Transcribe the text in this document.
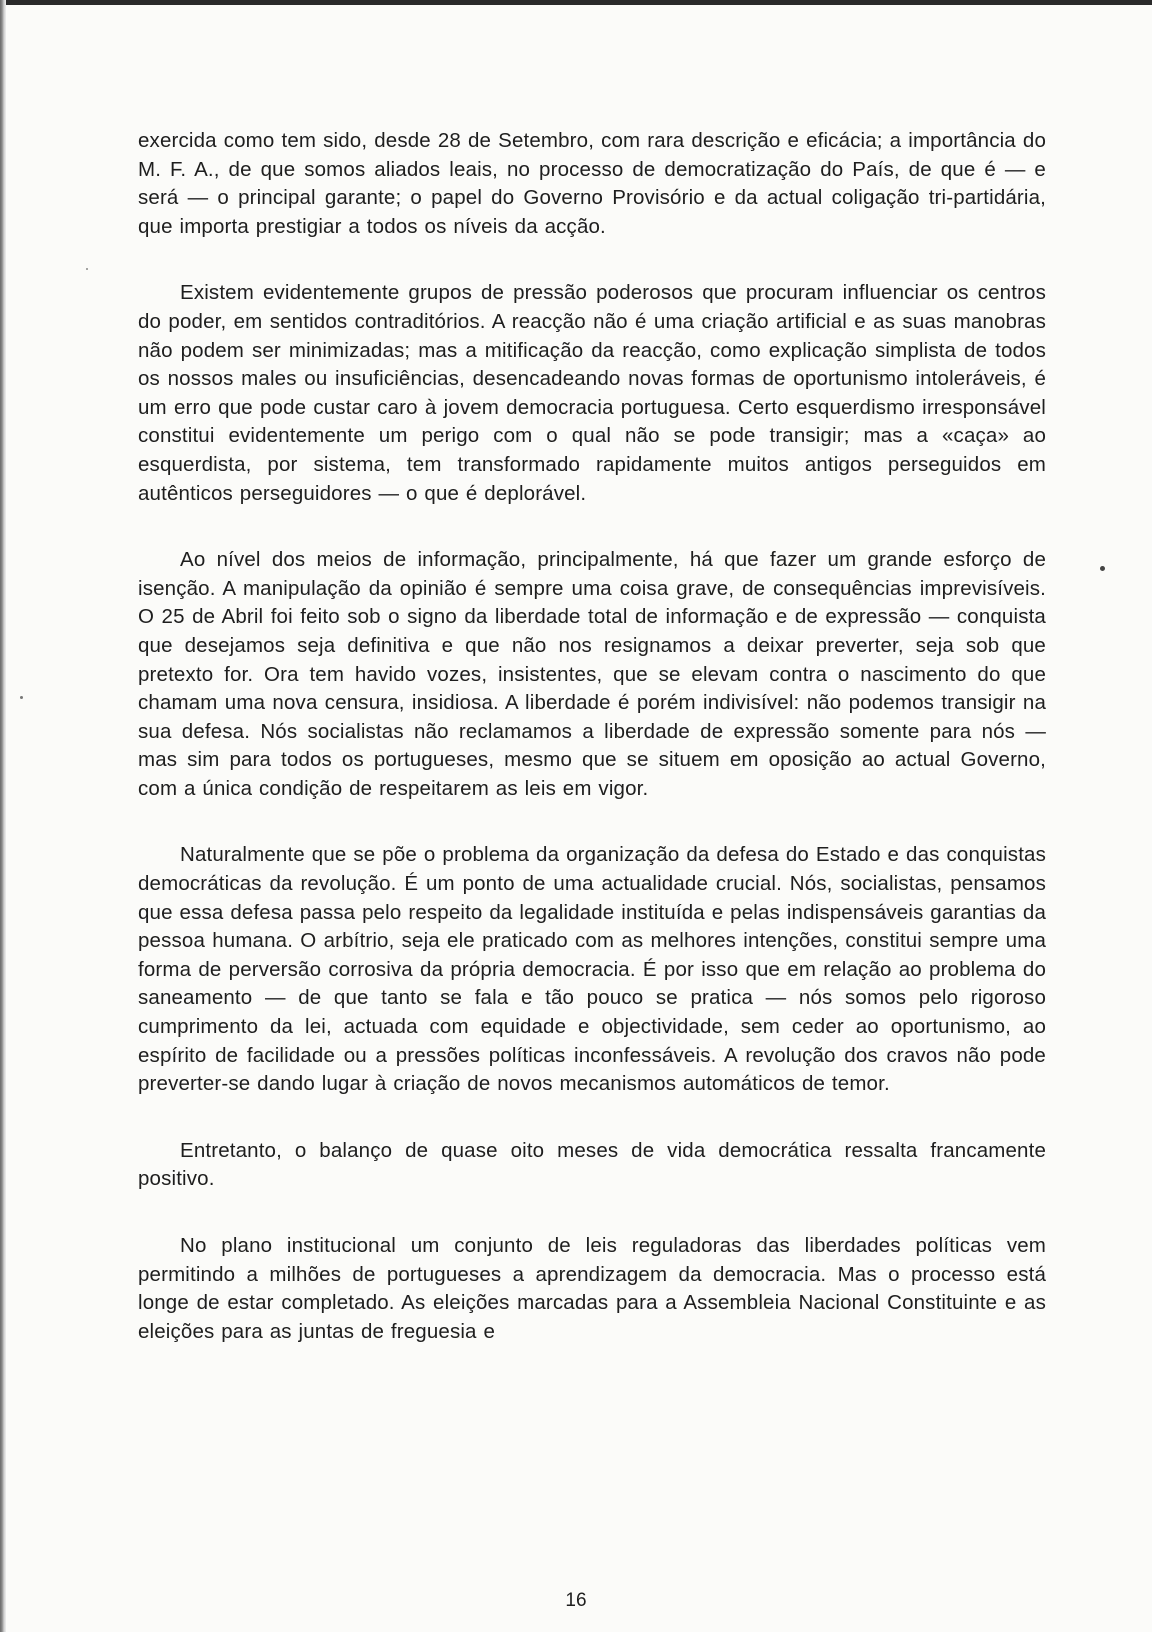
exercida como tem sido, desde 28 de Setembro, com rara descrição e eficácia; a importância do M. F. A., de que somos aliados leais, no processo de democratização do País, de que é — e será — o principal garante; o papel do Governo Provisório e da actual coligação tri-partidária, que importa prestigiar a todos os níveis da acção.

Existem evidentemente grupos de pressão poderosos que procuram influenciar os centros do poder, em sentidos contraditórios. A reacção não é uma criação artificial e as suas manobras não podem ser minimizadas; mas a mitificação da reacção, como explicação simplista de todos os nossos males ou insuficiências, desencadeando novas formas de oportunismo intoleráveis, é um erro que pode custar caro à jovem democracia portuguesa. Certo esquerdismo irresponsável constitui evidentemente um perigo com o qual não se pode transigir; mas a «caça» ao esquerdista, por sistema, tem transformado rapidamente muitos antigos perseguidos em autênticos perseguidores — o que é deplorável.

Ao nível dos meios de informação, principalmente, há que fazer um grande esforço de isenção. A manipulação da opinião é sempre uma coisa grave, de consequências imprevisíveis. O 25 de Abril foi feito sob o signo da liberdade total de informação e de expressão — conquista que desejamos seja definitiva e que não nos resignamos a deixar preverter, seja sob que pretexto for. Ora tem havido vozes, insistentes, que se elevam contra o nascimento do que chamam uma nova censura, insidiosa. A liberdade é porém indivisível: não podemos transigir na sua defesa. Nós socialistas não reclamamos a liberdade de expressão somente para nós — mas sim para todos os portugueses, mesmo que se situem em oposição ao actual Governo, com a única condição de respeitarem as leis em vigor.

Naturalmente que se põe o problema da organização da defesa do Estado e das conquistas democráticas da revolução. É um ponto de uma actualidade crucial. Nós, socialistas, pensamos que essa defesa passa pelo respeito da legalidade instituída e pelas indispensáveis garantias da pessoa humana. O arbítrio, seja ele praticado com as melhores intenções, constitui sempre uma forma de perversão corrosiva da própria democracia. É por isso que em relação ao problema do saneamento — de que tanto se fala e tão pouco se pratica — nós somos pelo rigoroso cumprimento da lei, actuada com equidade e objectividade, sem ceder ao oportunismo, ao espírito de facilidade ou a pressões políticas inconfessáveis. A revolução dos cravos não pode preverter-se dando lugar à criação de novos mecanismos automáticos de temor.

Entretanto, o balanço de quase oito meses de vida democrática ressalta francamente positivo.

No plano institucional um conjunto de leis reguladoras das liberdades políticas vem permitindo a milhões de portugueses a aprendizagem da democracia. Mas o processo está longe de estar completado. As eleições marcadas para a Assembleia Nacional Constituinte e as eleições para as juntas de freguesia e

16
